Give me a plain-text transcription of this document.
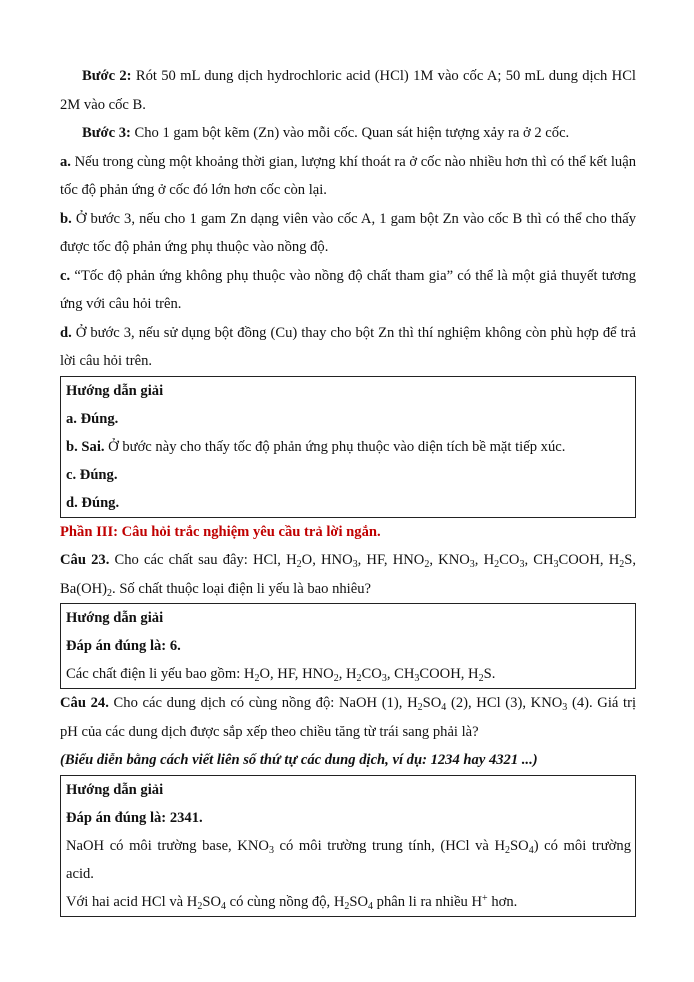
Bước 2: Rót 50 mL dung dịch hydrochloric acid (HCl) 1M vào cốc A; 50 mL dung dịch HCl 2M vào cốc B.

Bước 3: Cho 1 gam bột kẽm (Zn) vào mỗi cốc. Quan sát hiện tượng xảy ra ở 2 cốc.

a. Nếu trong cùng một khoảng thời gian, lượng khí thoát ra ở cốc nào nhiều hơn thì có thể kết luận tốc độ phản ứng ở cốc đó lớn hơn cốc còn lại.

b. Ở bước 3, nếu cho 1 gam Zn dạng viên vào cốc A, 1 gam bột Zn vào cốc B thì có thể cho thấy được tốc độ phản ứng phụ thuộc vào nồng độ.

c. “Tốc độ phản ứng không phụ thuộc vào nồng độ chất tham gia” có thể là một giả thuyết tương ứng với câu hỏi trên.

d. Ở bước 3, nếu sử dụng bột đồng (Cu) thay cho bột Zn thì thí nghiệm không còn phù hợp để trả lời câu hỏi trên.

Hướng dẫn giải

a. Đúng.

b. Sai. Ở bước này cho thấy tốc độ phản ứng phụ thuộc vào diện tích bề mặt tiếp xúc.

c. Đúng.

d. Đúng.

Phần III: Câu hỏi trắc nghiệm yêu cầu trả lời ngắn.

Câu 23. Cho các chất sau đây: HCl, $H_2O$, $HNO_3$, HF, $HNO_2$, $KNO_3$, $H_2CO_3$, $CH_3COOH$, $H_2S$, $Ba(OH)_2$. Số chất thuộc loại điện li yếu là bao nhiêu?

Hướng dẫn giải

Đáp án đúng là: 6.

Các chất điện li yếu bao gồm: $H_2O$, HF, $HNO_2$, $H_2CO_3$, $CH_3COOH$, $H_2S$.

Câu 24. Cho các dung dịch có cùng nồng độ: NaOH (1), $H_2SO_4$ (2), HCl (3), $KNO_3$ (4). Giá trị pH của các dung dịch được sắp xếp theo chiều tăng từ trái sang phải là?

(Biểu diễn bằng cách viết liên số thứ tự các dung dịch, ví dụ: 1234 hay 4321 ...)

Hướng dẫn giải

Đáp án đúng là: 2341.

NaOH có môi trường base, $KNO_3$ có môi trường trung tính, (HCl và $H_2SO_4$) có môi trường acid.

Với hai acid HCl và $H_2SO_4$ có cùng nồng độ, $H_2SO_4$ phân li ra nhiều H+ hơn.
